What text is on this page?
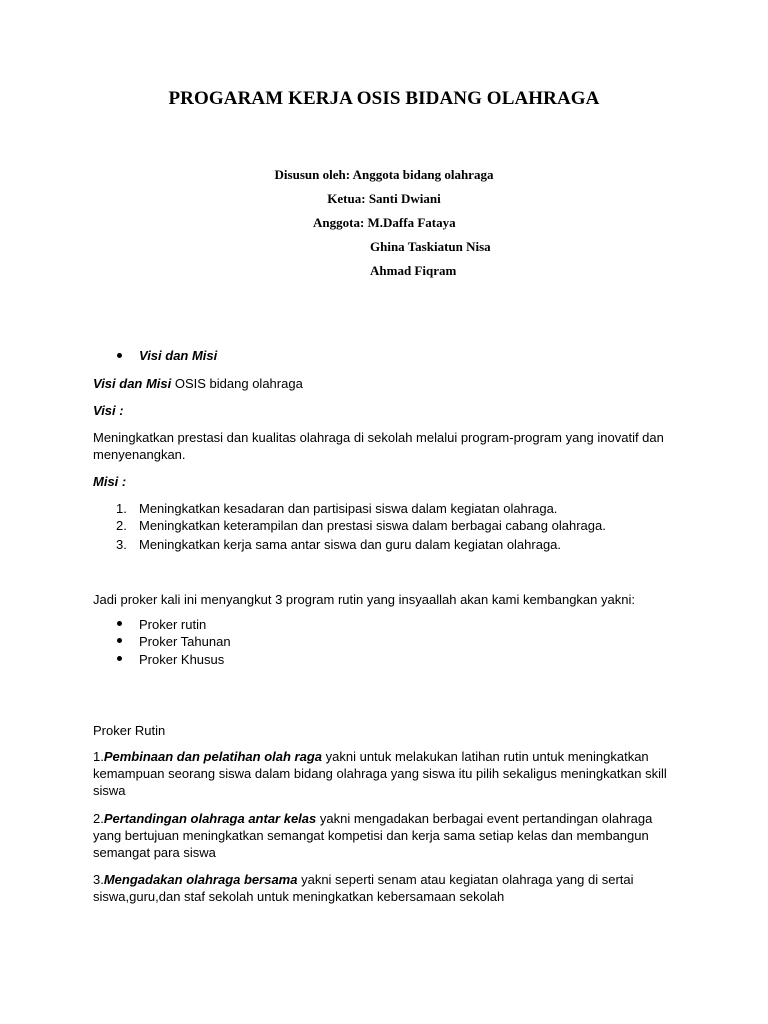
PROGARAM KERJA OSIS BIDANG OLAHRAGA
Disusun oleh: Anggota bidang olahraga
Ketua: Santi Dwiani
Anggota: M.Daffa Fataya
Ghina Taskiatun Nisa
Ahmad Fiqram
Visi dan Misi
Visi dan Misi OSIS bidang olahraga
Visi :
Meningkatkan prestasi dan kualitas olahraga di sekolah melalui program-program yang inovatif dan menyenangkan.
Misi :
1. Meningkatkan kesadaran dan partisipasi siswa dalam kegiatan olahraga.
2. Meningkatkan keterampilan dan prestasi siswa dalam berbagai cabang olahraga.
3. Meningkatkan kerja sama antar siswa dan guru dalam kegiatan olahraga.
Jadi proker kali ini menyangkut 3 program rutin yang insyaallah akan kami kembangkan yakni:
Proker rutin
Proker Tahunan
Proker Khusus
Proker Rutin
1.Pembinaan dan pelatihan olah raga yakni untuk melakukan latihan rutin untuk meningkatkan kemampuan seorang siswa dalam bidang olahraga yang siswa itu pilih sekaligus meningkatkan skill siswa
2.Pertandingan olahraga antar kelas yakni mengadakan berbagai event pertandingan olahraga yang bertujuan meningkatkan semangat kompetisi dan kerja sama setiap kelas dan membangun semangat para siswa
3.Mengadakan olahraga bersama yakni seperti senam atau kegiatan olahraga yang di sertai siswa,guru,dan staf sekolah untuk meningkatkan kebersamaan sekolah
